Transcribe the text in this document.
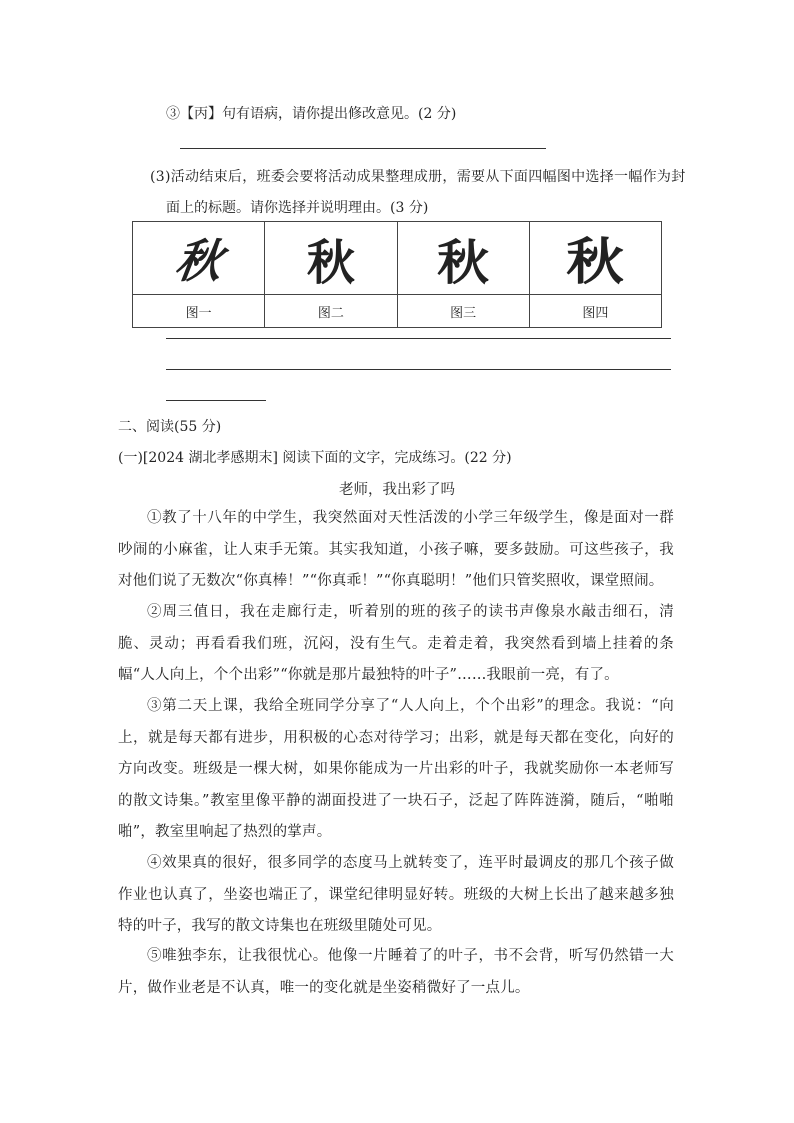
③【丙】句有语病，请你提出修改意见。(2 分)
(3)活动结束后，班委会要将活动成果整理成册，需要从下面四幅图中选择一幅作为封
面上的标题。请你选择并说明理由。(3 分)
秋	秋	秋	秋
图一	图二	图三	图四
二、阅读(55 分)
(一)[2024 湖北孝感期末] 阅读下面的文字，完成练习。(22 分)
老师，我出彩了吗
①教了十八年的中学生，我突然面对天性活泼的小学三年级学生，像是面对一群吵闹的小麻雀，让人束手无策。其实我知道，小孩子嘛，要多鼓励。可这些孩子，我对他们说了无数次“你真棒！”“你真乖！”“你真聪明！”他们只管奖照收，课堂照闹。
②周三值日，我在走廊行走，听着别的班的孩子的读书声像泉水敲击细石，清脆、灵动；再看看我们班，沉闷，没有生气。走着走着，我突然看到墙上挂着的条幅“人人向上，个个出彩”“你就是那片最独特的叶子”……我眼前一亮，有了。
③第二天上课，我给全班同学分享了“人人向上，个个出彩”的理念。我说：“向上，就是每天都有进步，用积极的心态对待学习；出彩，就是每天都在变化，向好的方向改变。班级是一棵大树，如果你能成为一片出彩的叶子，我就奖励你一本老师写的散文诗集。”教室里像平静的湖面投进了一块石子，泛起了阵阵涟漪，随后，“啪啪啪”，教室里响起了热烈的掌声。
④效果真的很好，很多同学的态度马上就转变了，连平时最调皮的那几个孩子做作业也认真了，坐姿也端正了，课堂纪律明显好转。班级的大树上长出了越来越多独特的叶子，我写的散文诗集也在班级里随处可见。
⑤唯独李东，让我很忧心。他像一片睡着了的叶子，书不会背，听写仍然错一大片，做作业老是不认真，唯一的变化就是坐姿稍微好了一点儿。
